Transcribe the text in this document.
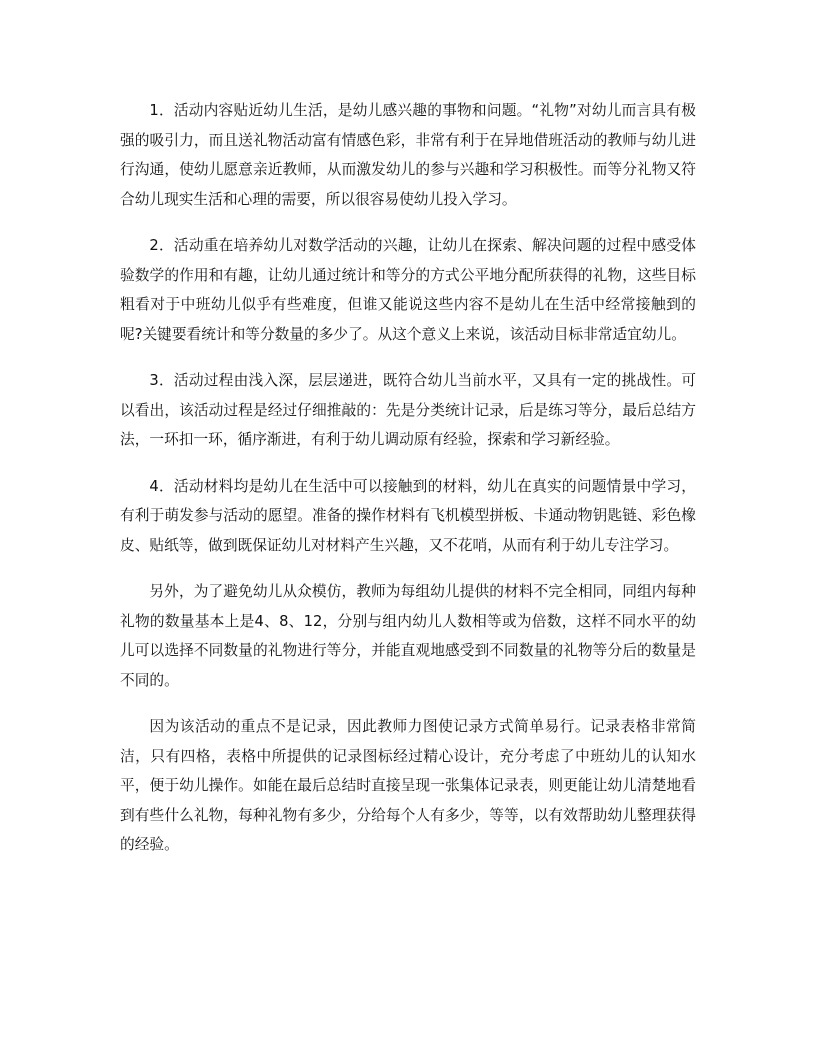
1．活动内容贴近幼儿生活，是幼儿感兴趣的事物和问题。“礼物”对幼儿而言具有极强的吸引力，而且送礼物活动富有情感色彩，非常有利于在异地借班活动的教师与幼儿进行沟通，使幼儿愿意亲近教师，从而激发幼儿的参与兴趣和学习积极性。而等分礼物又符合幼儿现实生活和心理的需要，所以很容易使幼儿投入学习。

2．活动重在培养幼儿对数学活动的兴趣，让幼儿在探索、解决问题的过程中感受体验数学的作用和有趣，让幼儿通过统计和等分的方式公平地分配所获得的礼物，这些目标粗看对于中班幼儿似乎有些难度，但谁又能说这些内容不是幼儿在生活中经常接触到的呢?关键要看统计和等分数量的多少了。从这个意义上来说，该活动目标非常适宜幼儿。

3．活动过程由浅入深，层层递进，既符合幼儿当前水平，又具有一定的挑战性。可以看出，该活动过程是经过仔细推敲的：先是分类统计记录，后是练习等分，最后总结方法，一环扣一环，循序渐进，有利于幼儿调动原有经验，探索和学习新经验。

4．活动材料均是幼儿在生活中可以接触到的材料，幼儿在真实的问题情景中学习，有利于萌发参与活动的愿望。准备的操作材料有飞机模型拼板、卡通动物钥匙链、彩色橡皮、贴纸等，做到既保证幼儿对材料产生兴趣，又不花哨，从而有利于幼儿专注学习。

另外，为了避免幼儿从众模仿，教师为每组幼儿提供的材料不完全相同，同组内每种礼物的数量基本上是4、8、12，分别与组内幼儿人数相等或为倍数，这样不同水平的幼儿可以选择不同数量的礼物进行等分，并能直观地感受到不同数量的礼物等分后的数量是不同的。

因为该活动的重点不是记录，因此教师力图使记录方式简单易行。记录表格非常简洁，只有四格，表格中所提供的记录图标经过精心设计，充分考虑了中班幼儿的认知水平，便于幼儿操作。如能在最后总结时直接呈现一张集体记录表，则更能让幼儿清楚地看到有些什么礼物，每种礼物有多少，分给每个人有多少，等等，以有效帮助幼儿整理获得的经验。
